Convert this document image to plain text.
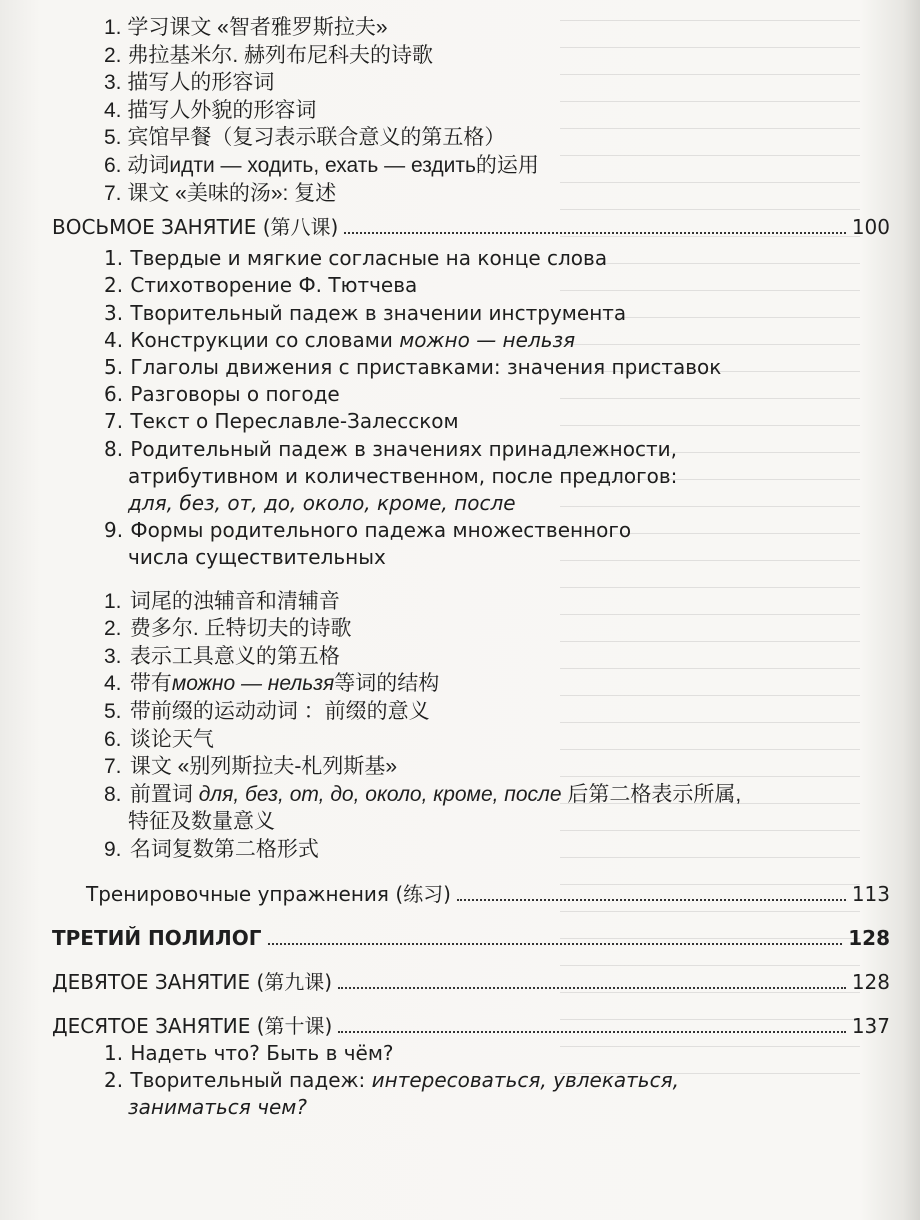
1. 学习课文 «智者雅罗斯拉夫»
2. 弗拉基米尔. 赫列布尼科夫的诗歌
3. 描写人的形容词
4. 描写人外貌的形容词
5. 宾馆早餐（复习表示联合意义的第五格）
6. 动词идти — ходить, ехать — ездить的运用
7. 课文 «美味的汤»: 复述
ВОСЬМОЕ ЗАНЯТИЕ (第八课)	100
1. Твердые и мягкие согласные на конце слова
2. Стихотворение Ф. Тютчева
3. Творительный падеж в значении инструмента
4. Конструкции со словами можно — нельзя
5. Глаголы движения с приставками: значения приставок
6. Разговоры о погоде
7. Текст о Переславле-Залесском
8. Родительный падеж в значениях принадлежности,
атрибутивном и количественном, после предлогов:
для, без, от, до, около, кроме, после
9. Формы родительного падежа множественного
числа существительных
1. 词尾的浊辅音和清辅音
2. 费多尔. 丘特切夫的诗歌
3. 表示工具意义的第五格
4. 带有можно — нельзя等词的结构
5. 带前缀的运动动词 ：前缀的意义
6. 谈论天气
7. 课文 «别列斯拉夫-札列斯基»
8. 前置词 для, без, от, до, около, кроме, после 后第二格表示所属,
特征及数量意义
9. 名词复数第二格形式
Тренировочные упражнения (练习)	113
ТРЕТИЙ ПОЛИЛОГ	128
ДЕВЯТОЕ ЗАНЯТИЕ (第九课)	128
ДЕСЯТОЕ ЗАНЯТИЕ (第十课)	137
1. Надеть что? Быть в чём?
2. Творительный падеж: интересоваться, увлекаться,
заниматься чем?
